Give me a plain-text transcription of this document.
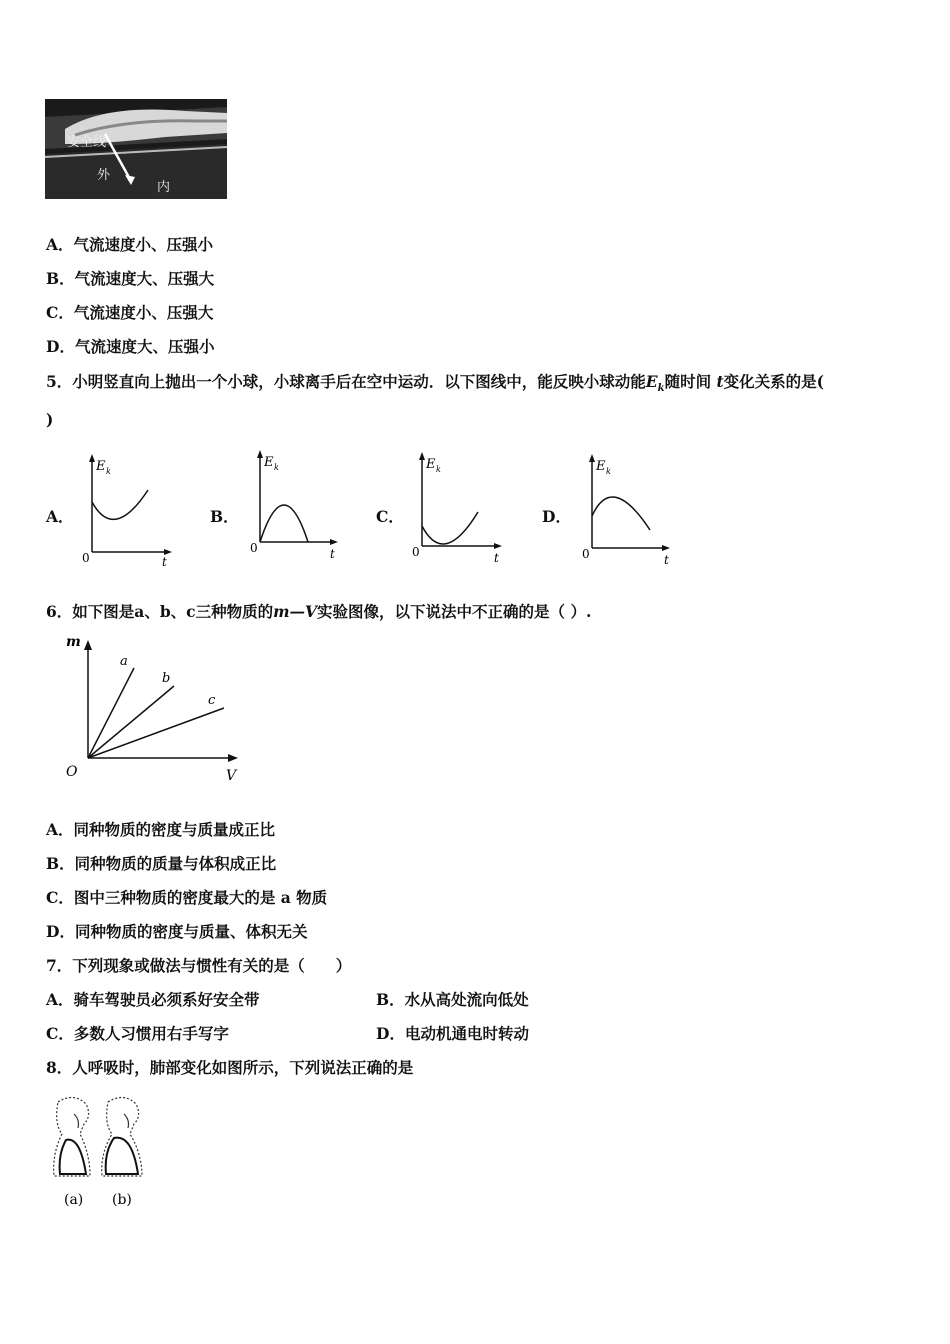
安全线
外
内
A．气流速度小、压强小
B．气流速度大、压强大
C．气流速度小、压强大
D．气流速度大、压强小
5．小明竖直向上抛出一个小球，小球离手后在空中运动．以下图线中，能反映小球动能$E_k$随时间 t变化关系的是(
)
A．
E k
0	t
B．
E k
0	t
C．
E k
0	t
D．
E k
0	t
6．如下图是a、b、c三种物质的m—V实验图像，以下说法中不正确的是（ ）.
m
O	V
a
b
c
A．同种物质的密度与质量成正比
B．同种物质的质量与体积成正比
C．图中三种物质的密度最大的是 a 物质
D．同种物质的密度与质量、体积无关
7．下列现象或做法与惯性有关的是（　　）
A．骑车驾驶员必须系好安全带	B．水从高处流向低处
C．多数人习惯用右手写字	D．电动机通电时转动
8．人呼吸时，肺部变化如图所示，下列说法正确的是
(a) (b)
